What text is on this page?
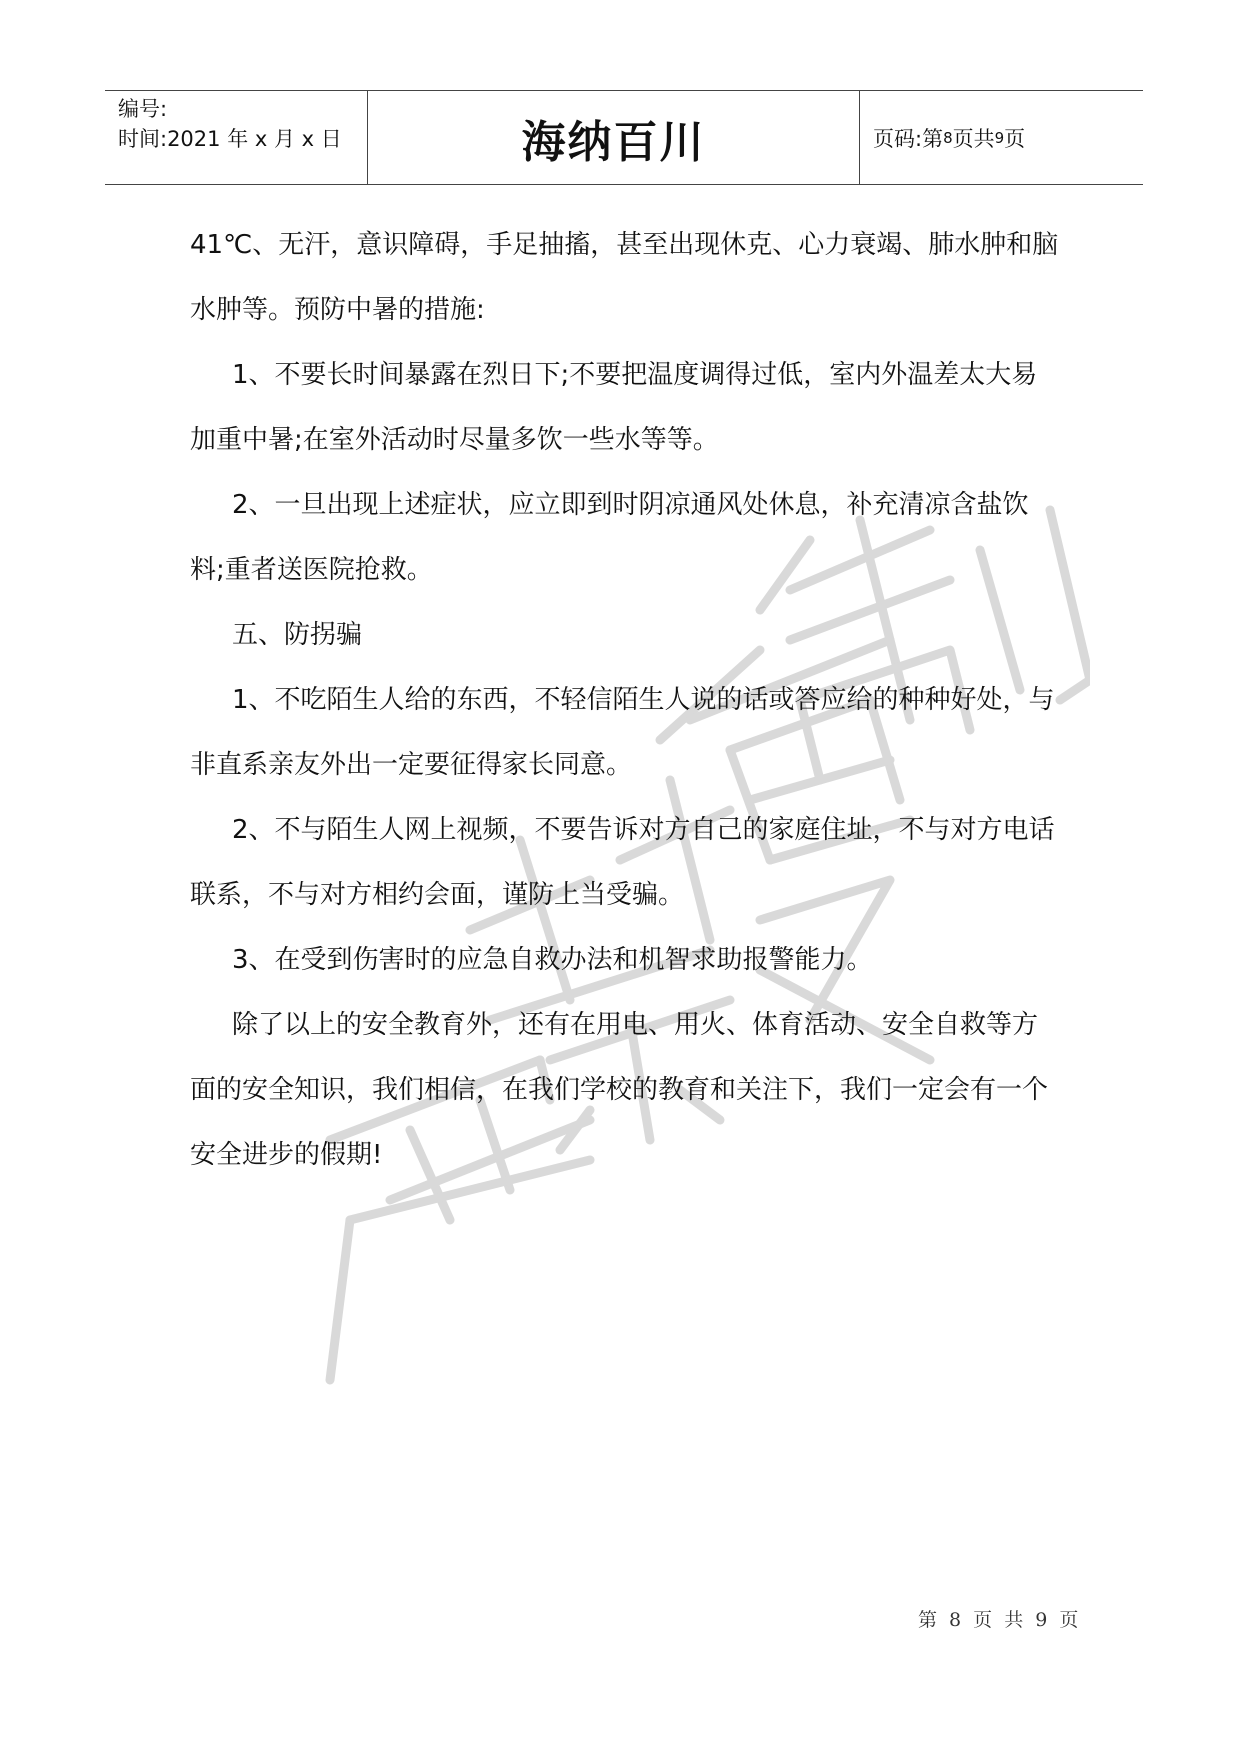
编号:
时间:2021 年 x 月 x 日	海纳百川	页码:第 8 页共 9 页

41℃、无汗，意识障碍，手足抽搐，甚至出现休克、心力衰竭、肺水肿和脑水肿等。预防中暑的措施:

1、不要长时间暴露在烈日下;不要把温度调得过低，室内外温差太大易加重中暑;在室外活动时尽量多饮一些水等等。

2、一旦出现上述症状，应立即到时阴凉通风处休息，补充清凉含盐饮料;重者送医院抢救。

五、防拐骗

1、不吃陌生人给的东西，不轻信陌生人说的话或答应给的种种好处，与非直系亲友外出一定要征得家长同意。

2、不与陌生人网上视频，不要告诉对方自己的家庭住址，不与对方电话联系，不与对方相约会面，谨防上当受骗。

3、在受到伤害时的应急自救办法和机智求助报警能力。

除了以上的安全教育外，还有在用电、用火、体育活动、安全自救等方面的安全知识，我们相信，在我们学校的教育和关注下，我们一定会有一个安全进步的假期!

第 8 页 共 9 页
